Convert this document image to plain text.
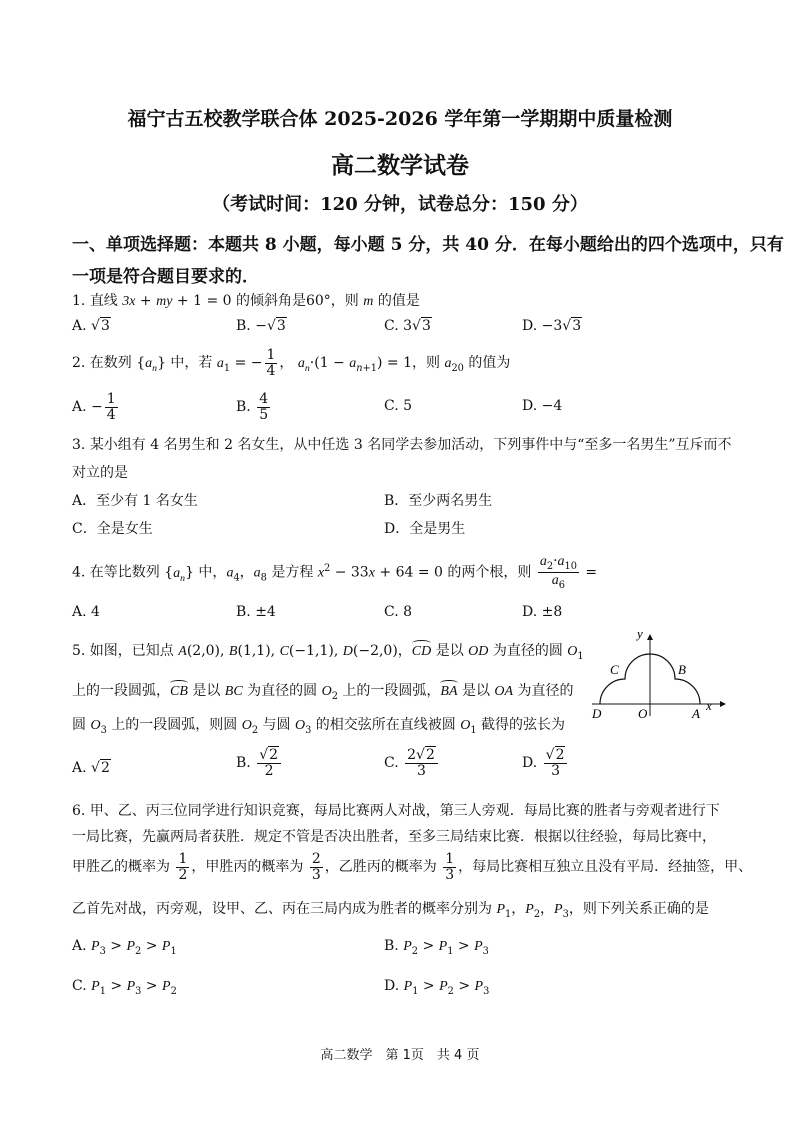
福宁古五校教学联合体 2025-2026 学年第一学期期中质量检测
高二数学试卷
（考试时间：120 分钟，试卷总分：150 分）
一、单项选择题：本题共 8 小题，每小题 5 分，共 40 分．在每小题给出的四个选项中，只有
一项是符合题目要求的．
1. 直线 3x + my + 1 = 0 的倾斜角是60°，则 m 的值是
A. √3	B. −√3	C. 3√3	D. −3√3
2. 在数列 $\{a_n\}$ 中，若 $a_1$ = − $\frac{1}{4}$ ， $a_n\cdot(1 - a_{n+1}) = 1$，则 $a_{20}$ 的值为
A. − $\frac{1}{4}$	B. $\frac{4}{5}$	C. 5	D. −4
3. 某小组有 4 名男生和 2 名女生，从中任选 3 名同学去参加活动，下列事件中与“至多一名男生”互斥而不
对立的是
A．至少有 1 名女生	B．至少两名男生
C．全是女生	D．全是男生
4. 在等比数列 $\{a_n\}$ 中，$a_4$，$a_8$ 是方程 $x^2 - 33x + 64 = 0$ 的两个根，则 $\frac{a_2\cdot a_{10}}{a_6}$ =
A. 4	B. ±4	C. 8	D. ±8
5. 如图，已知点 A(2,0), B(1,1), C(−1,1), D(−2,0)，CD 是以 OD 为直径的圆 $O_1$
上的一段圆弧，CB 是以 BC 为直径的圆 $O_2$ 上的一段圆弧，BA 是以 OA 为直径的
圆 $O_3$ 上的一段圆弧，则圆 $O_2$ 与圆 $O_3$ 的相交弦所在直线被圆 $O_1$ 截得的弦长为
y
x
C	B
D	O	A
A. √2	B. $\frac{√2}{2}$	C. $\frac{2√2}{3}$	D. $\frac{√2}{3}$
6. 甲、乙、丙三位同学进行知识竞赛，每局比赛两人对战，第三人旁观．每局比赛的胜者与旁观者进行下
一局比赛，先赢两局者获胜．规定不管是否决出胜者，至多三局结束比赛．根据以往经验，每局比赛中，
甲胜乙的概率为 $\frac{1}{2}$ ，甲胜丙的概率为 $\frac{2}{3}$ ，乙胜丙的概率为 $\frac{1}{3}$ ，每局比赛相互独立且没有平局．经抽签，甲、
乙首先对战，丙旁观，设甲、乙、丙在三局内成为胜者的概率分别为 $P_1$，$P_2$，$P_3$，则下列关系正确的是
A. $P_3 > P_2 > P_1$	B. $P_2 > P_1 > P_3$
C. $P_1 > P_3 > P_2$	D. $P_1 > P_2 > P_3$
高二数学　第 1页　共 4 页
